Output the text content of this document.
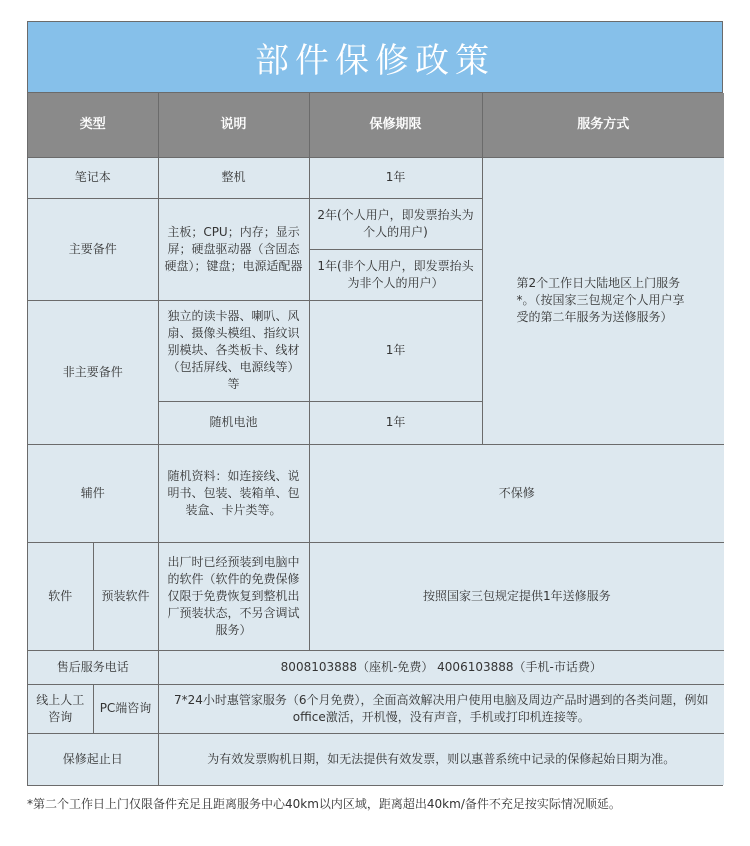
部件保修政策
类型		说明	保修期限	服务方式
笔记本		整机	1年	第2个工作日大陆地区上门服务*。（按国家三包规定个人用户享受的第二年服务为送修服务）
主要备件		主板；CPU；内存；显示屏；硬盘驱动器（含固态硬盘）；键盘；电源适配器	2年(个人用户，即发票抬头为个人的用户)	
			1年(非个人用户，即发票抬头为非个人的用户）	
非主要备件		独立的读卡器、喇叭、风扇、摄像头模组、指纹识别模块、各类板卡、线材（包括屏线、电源线等）等	1年	
		随机电池	1年	
辅件		随机资料：如连接线、说明书、包装、装箱单、包装盒、卡片类等。	不保修	
软件	预装软件	出厂时已经预装到电脑中的软件（软件的免费保修仅限于免费恢复到整机出厂预装状态，不另含调试服务）	按照国家三包规定提供1年送修服务	
售后服务电话		8008103888（座机-免费） 4006103888（手机-市话费）		
线上人工咨询	PC端咨询	7*24小时惠管家服务（6个月免费），全面高效解决用户使用电脑及周边产品时遇到的各类问题，例如office激活，开机慢，没有声音，手机或打印机连接等。		
保修起止日		为有效发票购机日期，如无法提供有效发票，则以惠普系统中记录的保修起始日期为准。		
*第二个工作日上门仅限备件充足且距离服务中心40km以内区域，距离超出40km/备件不充足按实际情况顺延。
